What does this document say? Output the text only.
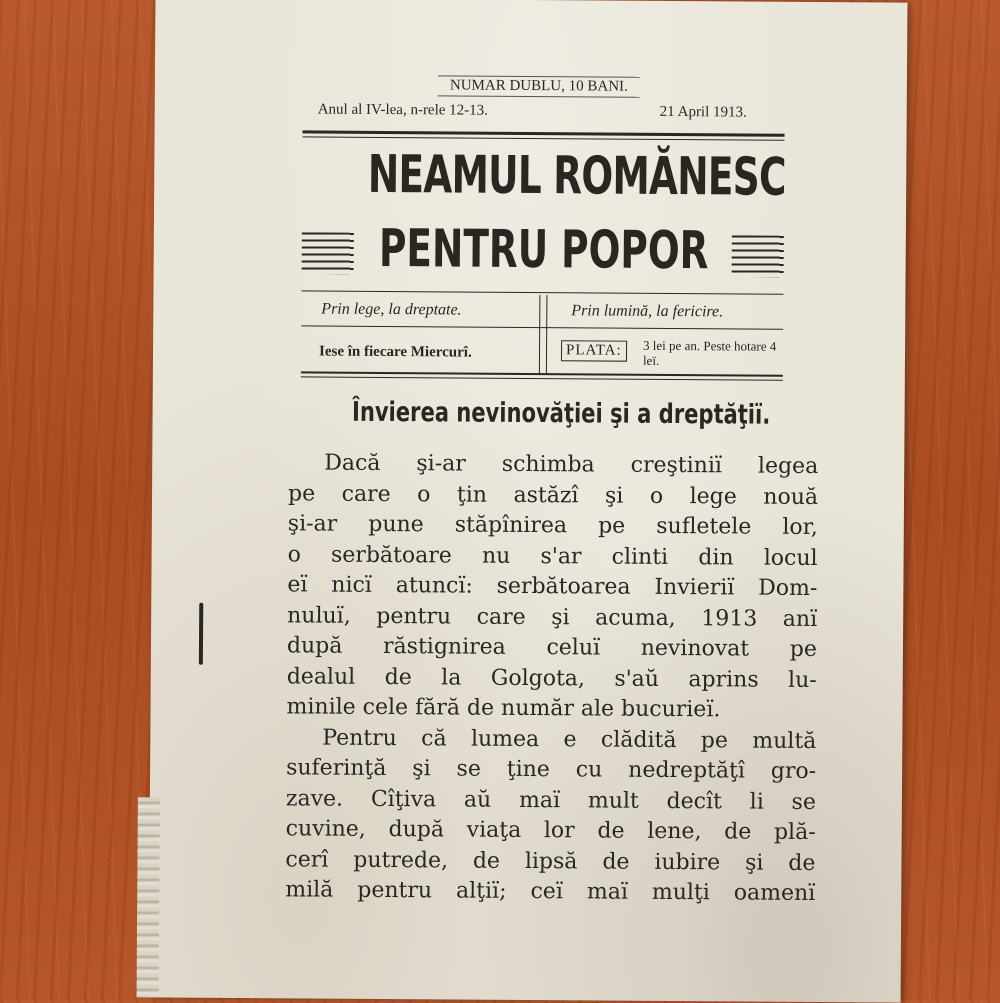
NUMAR DUBLU, 10 BANI.
Anul al IV-lea, n-rele 12-13.	21 April 1913.
NEAMUL ROMĂNESC
PENTRU POPOR
Prin lege, la dreptate.	Prin lumină, la fericire.
Iese în fiecare Miercurî.	PLATA:	3 lei pe an. Peste hotare 4 leï.
Învierea nevinovăţiei şi a dreptăţiï.
Dacă şi-ar schimba creştiniï legea
pe care o ţin astăzî şi o lege nouă
şi-ar pune stăpînirea pe sufletele lor,
o serbătoare nu s'ar clinti din locul
eï nicï atuncï: serbătoarea Invieriï Dom-
nuluï, pentru care şi acuma, 1913 anï
după răstignirea celuï nevinovat pe
dealul de la Golgota, s'aŭ aprins lu-
minile cele fără de număr ale bucurieï.
Pentru că lumea e clădită pe multă
suferinţă şi se ţine cu nedreptăţî gro-
zave. Cîţiva aŭ maï mult decît li se
cuvine, după viaţa lor de lene, de plă-
cerî putrede, de lipsă de iubire şi de
milă pentru alţiï; ceï maï mulţi oamenï
